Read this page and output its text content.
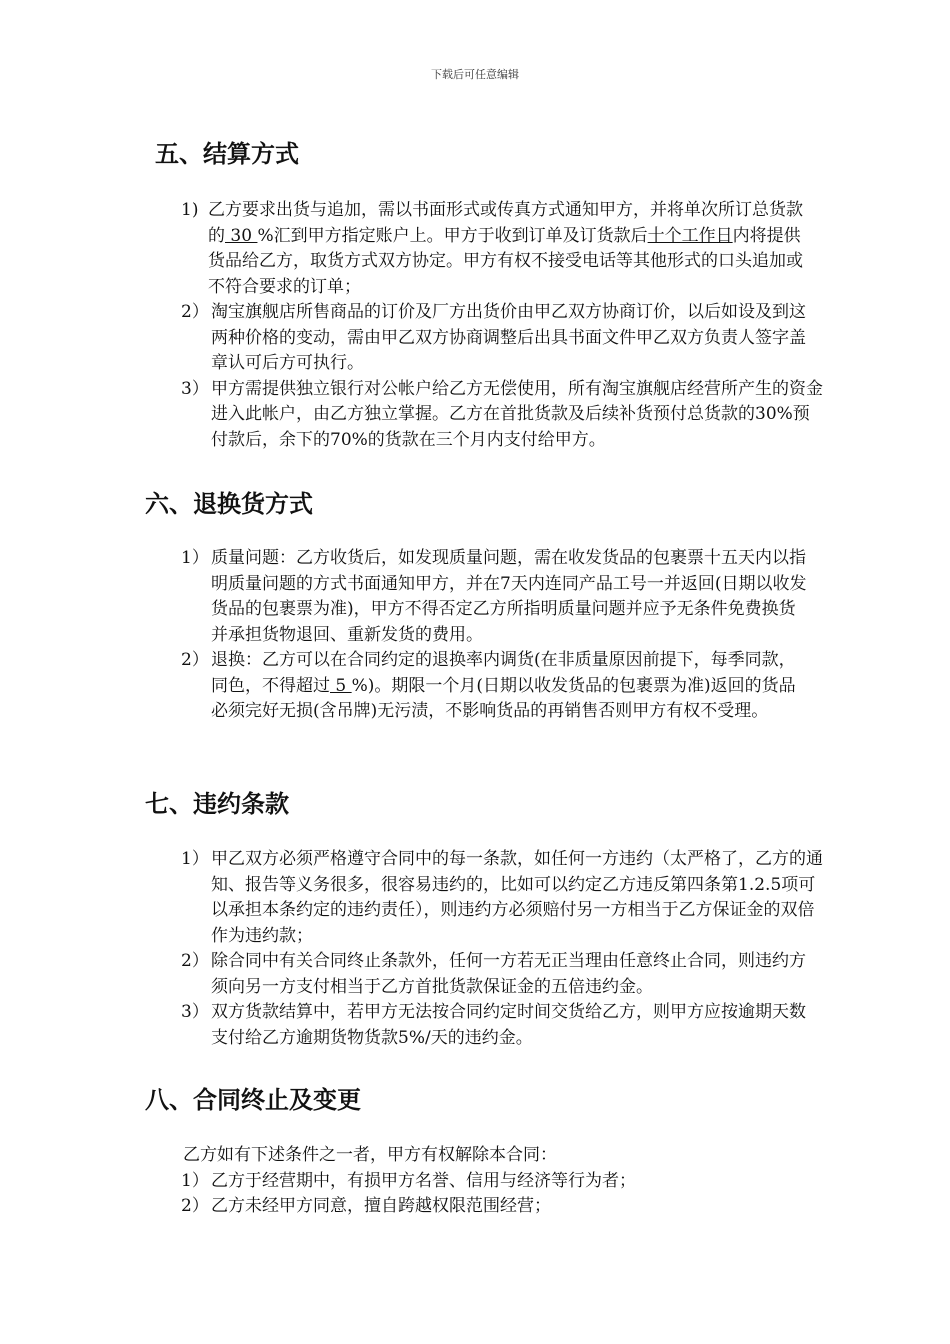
下载后可任意编辑
五、结算方式
1) 乙方要求出货与追加，需以书面形式或传真方式通知甲方，并将单次所订总货款的 30 %汇到甲方指定账户上。甲方于收到订单及订货款后十个工作日内将提供货品给乙方，取货方式双方协定。甲方有权不接受电话等其他形式的口头追加或不符合要求的订单；
2） 淘宝旗舰店所售商品的订价及厂方出货价由甲乙双方协商订价，以后如设及到这两种价格的变动，需由甲乙双方协商调整后出具书面文件甲乙双方负责人签字盖章认可后方可执行。
3） 甲方需提供独立银行对公帐户给乙方无偿使用，所有淘宝旗舰店经营所产生的资金进入此帐户，由乙方独立掌握。乙方在首批货款及后续补货预付总货款的30%预付款后，余下的70%的货款在三个月内支付给甲方。
六、退换货方式
1） 质量问题：乙方收货后，如发现质量问题，需在收发货品的包裹票十五天内以指明质量问题的方式书面通知甲方，并在7天内连同产品工号一并返回(日期以收发货品的包裹票为准)，甲方不得否定乙方所指明质量问题并应予无条件免费换货并承担货物退回、重新发货的费用。
2） 退换：乙方可以在合同约定的退换率内调货(在非质量原因前提下，每季同款，同色，不得超过 5 %)。期限一个月(日期以收发货品的包裹票为准)返回的货品必须完好无损(含吊牌)无污渍，不影响货品的再销售否则甲方有权不受理。
七、违约条款
1） 甲乙双方必须严格遵守合同中的每一条款，如任何一方违约（太严格了，乙方的通知、报告等义务很多，很容易违约的，比如可以约定乙方违反第四条第1.2.5项可以承担本条约定的违约责任），则违约方必须赔付另一方相当于乙方保证金的双倍作为违约款；
2） 除合同中有关合同终止条款外，任何一方若无正当理由任意终止合同，则违约方须向另一方支付相当于乙方首批货款保证金的五倍违约金。
3） 双方货款结算中，若甲方无法按合同约定时间交货给乙方，则甲方应按逾期天数支付给乙方逾期货物货款5%/天的违约金。
八、合同终止及变更
乙方如有下述条件之一者，甲方有权解除本合同：
1） 乙方于经营期中，有损甲方名誉、信用与经济等行为者；
2） 乙方未经甲方同意，擅自跨越权限范围经营；
